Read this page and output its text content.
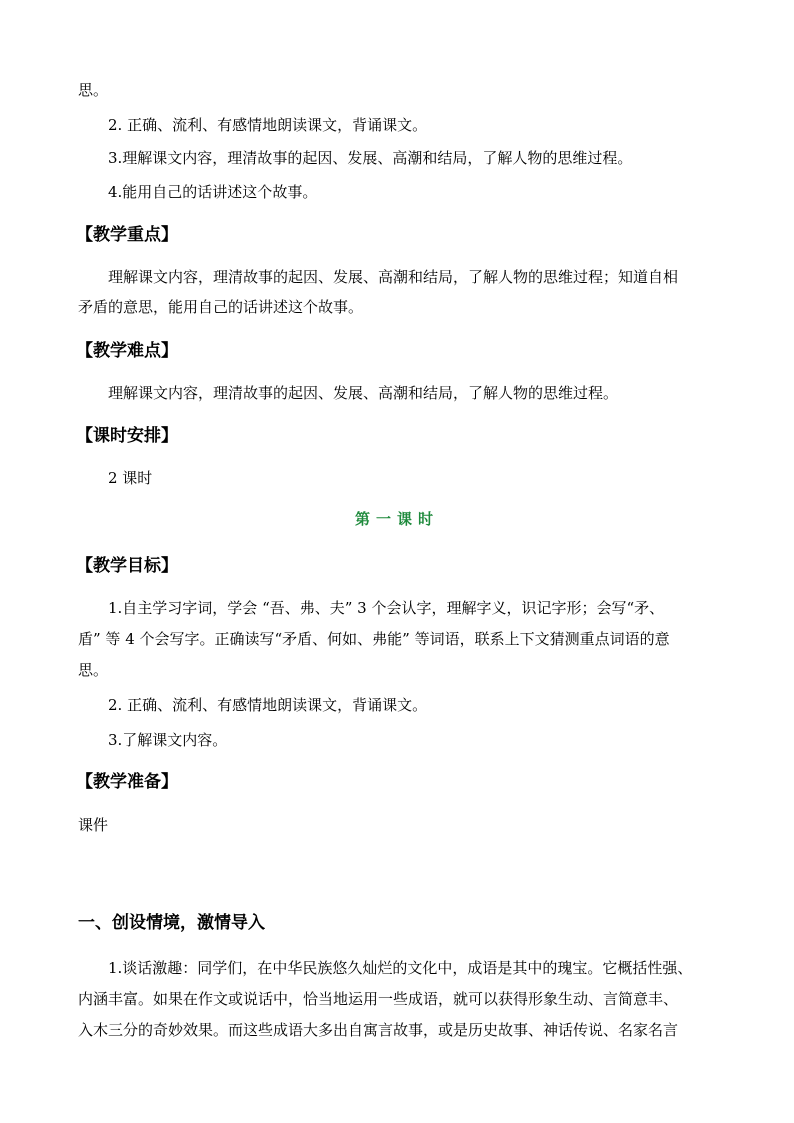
思。
2. 正确、流利、有感情地朗读课文，背诵课文。
3.理解课文内容，理清故事的起因、发展、高潮和结局，了解人物的思维过程。
4.能用自己的话讲述这个故事。
【教学重点】
理解课文内容，理清故事的起因、发展、高潮和结局，了解人物的思维过程；知道自相
矛盾的意思，能用自己的话讲述这个故事。
【教学难点】
理解课文内容，理清故事的起因、发展、高潮和结局，了解人物的思维过程。
【课时安排】
2 课时
第一课时
【教学目标】
1.自主学习字词，学会 “吾、弗、夫” 3 个会认字，理解字义，识记字形；会写“矛、
盾” 等 4 个会写字。正确读写“矛盾、何如、弗能” 等词语，联系上下文猜测重点词语的意
思。
2. 正确、流利、有感情地朗读课文，背诵课文。
3.了解课文内容。
【教学准备】
课件
一、创设情境，激情导入
1.谈话激趣：同学们，在中华民族悠久灿烂的文化中，成语是其中的瑰宝。它概括性强、
内涵丰富。如果在作文或说话中，恰当地运用一些成语，就可以获得形象生动、言简意丰、
入木三分的奇妙效果。而这些成语大多出自寓言故事，或是历史故事、神话传说、名家名言
